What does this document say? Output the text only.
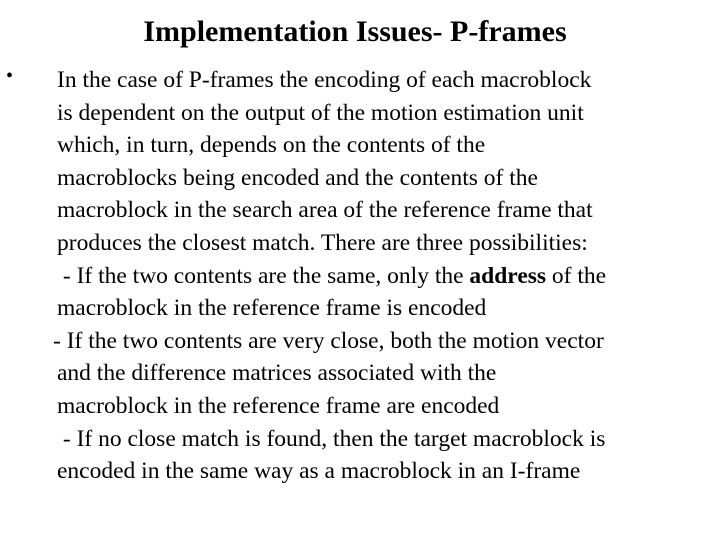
Implementation Issues- P-frames
• In the case of P-frames the encoding of each macroblock
is dependent on the output of the motion estimation unit
which, in turn, depends on the contents of the
macroblocks being encoded and the contents of the
macroblock in the search area of the reference frame that
produces the closest match. There are three possibilities:
- If the two contents are the same, only the address of the
macroblock in the reference frame is encoded
- If the two contents are very close, both the motion vector
and the difference matrices associated with the
macroblock in the reference frame are encoded
- If no close match is found, then the target macroblock is
encoded in the same way as a macroblock in an I-frame
